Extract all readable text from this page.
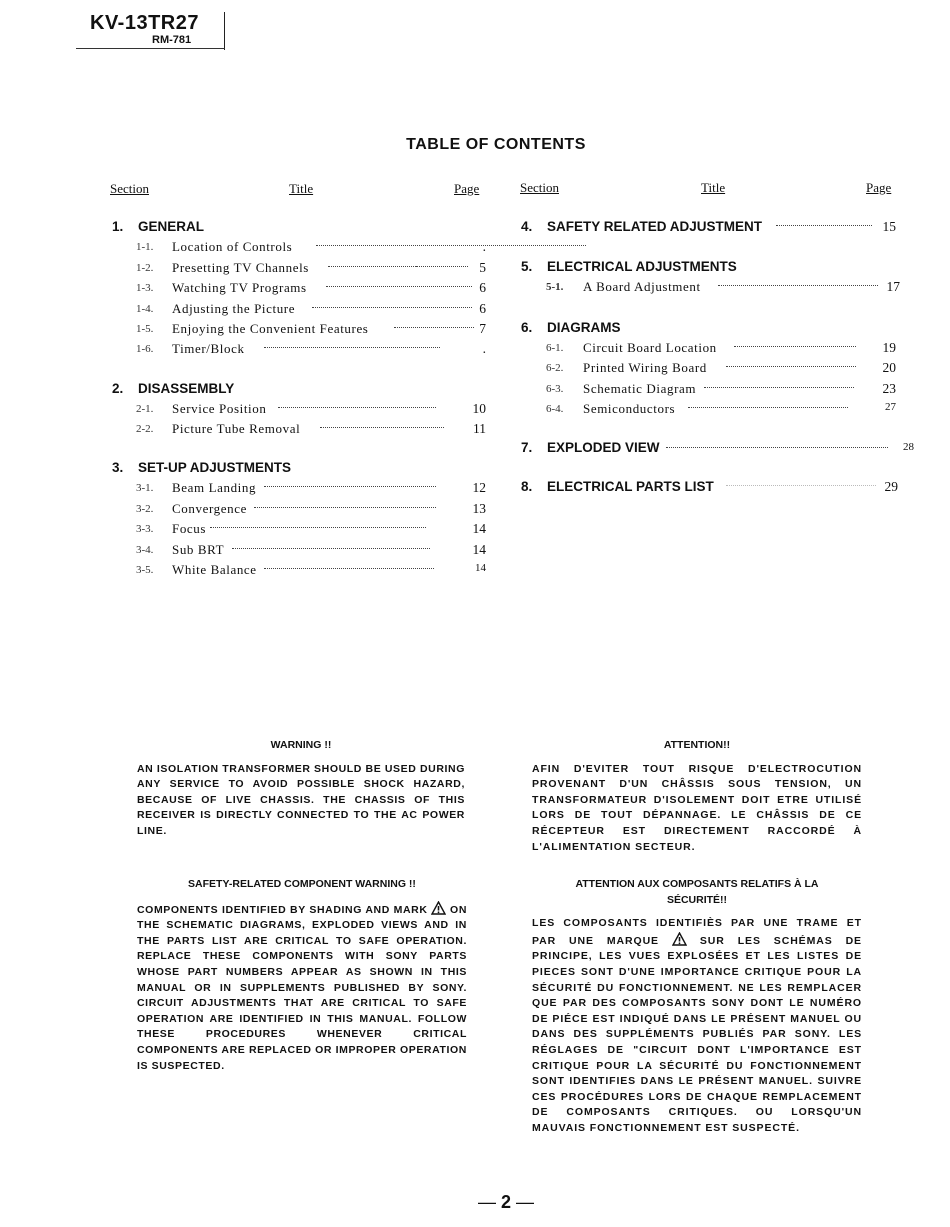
KV-13TR27
RM-781
TABLE OF CONTENTS
Section	Title	Page	Section	Title	Page
1. GENERAL
1-1. Location of Controls	.
1-2. Presetting TV Channels	5
1-3. Watching TV Programs	6
1-4. Adjusting the Picture	6
1-5. Enjoying the Convenient Features	7
1-6. Timer/Block	.
2. DISASSEMBLY
2-1. Service Position	10
2-2. Picture Tube Removal	11
3. SET-UP ADJUSTMENTS
3-1. Beam Landing	12
3-2. Convergence	13
3-3. Focus	14
3-4. Sub BRT	14
3-5. White Balance	14
4. SAFETY RELATED ADJUSTMENT	15
5. ELECTRICAL ADJUSTMENTS
5-1. A Board Adjustment	17
6. DIAGRAMS
6-1. Circuit Board Location	19
6-2. Printed Wiring Board	20
6-3. Schematic Diagram	23
6-4. Semiconductors	27
7. EXPLODED VIEW	28
8. ELECTRICAL PARTS LIST	29
WARNING !!

AN ISOLATION TRANSFORMER SHOULD BE USED DURING ANY SERVICE TO AVOID POSSIBLE SHOCK HAZARD, BECAUSE OF LIVE CHASSIS. THE CHASSIS OF THIS RECEIVER IS DIRECTLY CONNECTED TO THE AC POWER LINE.

ATTENTION!!

AFIN D'EVITER TOUT RISQUE D'ELECTROCUTION PROVENANT D'UN CHÂSSIS SOUS TENSION, UN TRANSFORMATEUR D'ISOLEMENT DOIT ETRE UTILISÉ LORS DE TOUT DÉPANNAGE. LE CHÂSSIS DE CE RÉCEPTEUR EST DIRECTEMENT RACCORDÉ À L'ALIMENTATION SECTEUR.

SAFETY-RELATED COMPONENT WARNING !!

COMPONENTS IDENTIFIED BY SHADING AND MARK ON THE SCHEMATIC DIAGRAMS, EXPLODED VIEWS AND IN THE PARTS LIST ARE CRITICAL TO SAFE OPERATION. REPLACE THESE COMPONENTS WITH SONY PARTS WHOSE PART NUMBERS APPEAR AS SHOWN IN THIS MANUAL OR IN SUPPLEMENTS PUBLISHED BY SONY. CIRCUIT ADJUSTMENTS THAT ARE CRITICAL TO SAFE OPERATION ARE IDENTIFIED IN THIS MANUAL. FOLLOW THESE PROCEDURES WHENEVER CRITICAL COMPONENTS ARE REPLACED OR IMPROPER OPERATION IS SUSPECTED.

ATTENTION AUX COMPOSANTS RELATIFS À LA
SÉCURITÉ!!

LES COMPOSANTS IDENTIFIÈS PAR UNE TRAME ET PAR UNE MARQUE	SUR LES SCHÉMAS DE PRINCIPE, LES VUES EXPLOSÉES ET LES LISTES DE PIECES SONT D'UNE IMPORTANCE CRITIQUE POUR LA SÉCURITÉ DU FONCTIONNEMENT. NE LES REMPLACER QUE PAR DES COMPOSANTS SONY DONT LE NUMÉRO DE PIÉCE EST INDIQUÉ DANS LE PRÉSENT MANUEL OU DANS DES SUPPLÉMENTS PUBLIÉS PAR SONY. LES RÉGLAGES DE "CIRCUIT DONT L'IMPORTANCE EST CRITIQUE POUR LA SÉCURITÉ DU FONCTIONNEMENT SONT IDENTIFIES DANS LE PRÉSENT MANUEL. SUIVRE CES PROCÉDURES LORS DE CHAQUE REMPLACEMENT DE COMPOSANTS CRITIQUES. OU LORSQU'UN MAUVAIS FONCTIONNEMENT EST SUSPECTÉ.

— 2 —
